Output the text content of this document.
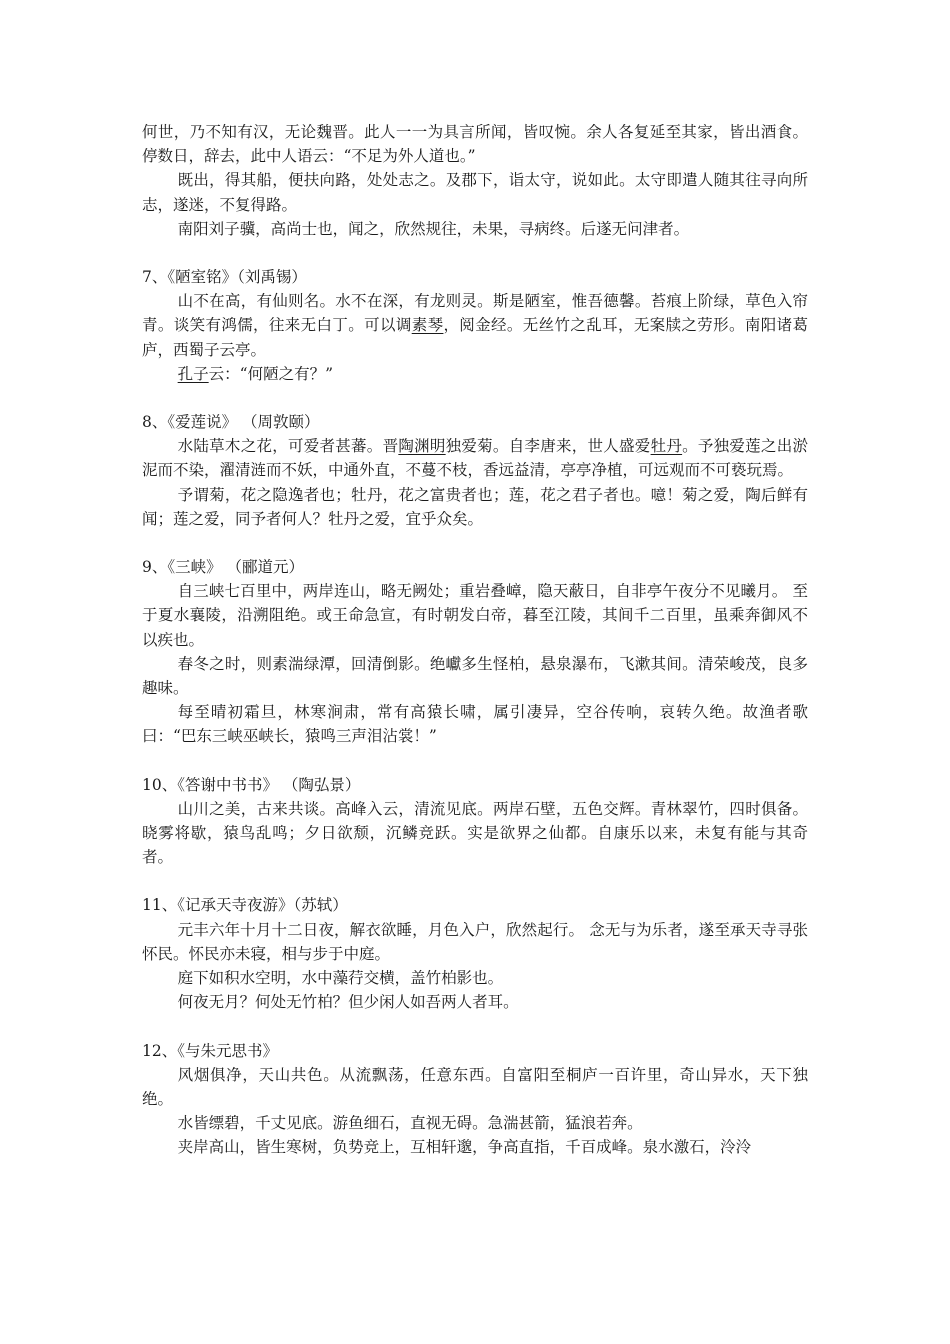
何世，乃不知有汉，无论魏晋。此人一一为具言所闻，皆叹惋。余人各复延至其家，皆出酒食。停数日，辞去，此中人语云：“不足为外人道也。”

既出，得其船，便扶向路，处处志之。及郡下，诣太守，说如此。太守即遣人随其往寻向所志，遂迷，不复得路。

南阳刘子骥，高尚士也，闻之，欣然规往，未果，寻病终。后遂无问津者。

7、《陋室铭》（刘禹锡）

山不在高，有仙则名。水不在深，有龙则灵。斯是陋室，惟吾德馨。苔痕上阶绿，草色入帘青。谈笑有鸿儒，往来无白丁。可以调素琴，阅金经。无丝竹之乱耳，无案牍之劳形。南阳诸葛庐，西蜀子云亭。

孔子云：“何陋之有？”

8、《爱莲说》 （周敦颐）

水陆草木之花，可爱者甚蕃。晋陶渊明独爱菊。自李唐来，世人盛爱牡丹。予独爱莲之出淤泥而不染，濯清涟而不妖，中通外直，不蔓不枝，香远益清，亭亭净植，可远观而不可亵玩焉。

予谓菊，花之隐逸者也；牡丹，花之富贵者也；莲，花之君子者也。噫！菊之爱，陶后鲜有闻；莲之爱，同予者何人？牡丹之爱，宜乎众矣。

9、《三峡》 （郦道元）

自三峡七百里中，两岸连山，略无阙处；重岩叠嶂，隐天蔽日，自非亭午夜分不见曦月。 至于夏水襄陵，沿溯阻绝。或王命急宣，有时朝发白帝，暮至江陵，其间千二百里，虽乘奔御风不以疾也。

春冬之时，则素湍绿潭，回清倒影。绝巘多生怪柏，悬泉瀑布，飞漱其间。清荣峻茂，良多趣味。

每至晴初霜旦，林寒涧肃，常有高猿长啸，属引凄异，空谷传响，哀转久绝。故渔者歌曰：“巴东三峡巫峡长，猿鸣三声泪沾裳！”

10、《答谢中书书》 （陶弘景）

山川之美，古来共谈。高峰入云，清流见底。两岸石壁，五色交辉。青林翠竹，四时俱备。晓雾将歇，猿鸟乱鸣；夕日欲颓，沉鳞竞跃。实是欲界之仙都。自康乐以来，未复有能与其奇者。

11、《记承天寺夜游》（苏轼）

元丰六年十月十二日夜，解衣欲睡，月色入户，欣然起行。 念无与为乐者，遂至承天寺寻张怀民。怀民亦未寝，相与步于中庭。

庭下如积水空明，水中藻荇交横，盖竹柏影也。

何夜无月？何处无竹柏？但少闲人如吾两人者耳。

12、《与朱元思书》

风烟俱净，天山共色。从流飘荡，任意东西。自富阳至桐庐一百许里，奇山异水，天下独绝。

水皆缥碧，千丈见底。游鱼细石，直视无碍。急湍甚箭，猛浪若奔。

夹岸高山，皆生寒树，负势竞上，互相轩邈，争高直指，千百成峰。泉水激石，泠泠
